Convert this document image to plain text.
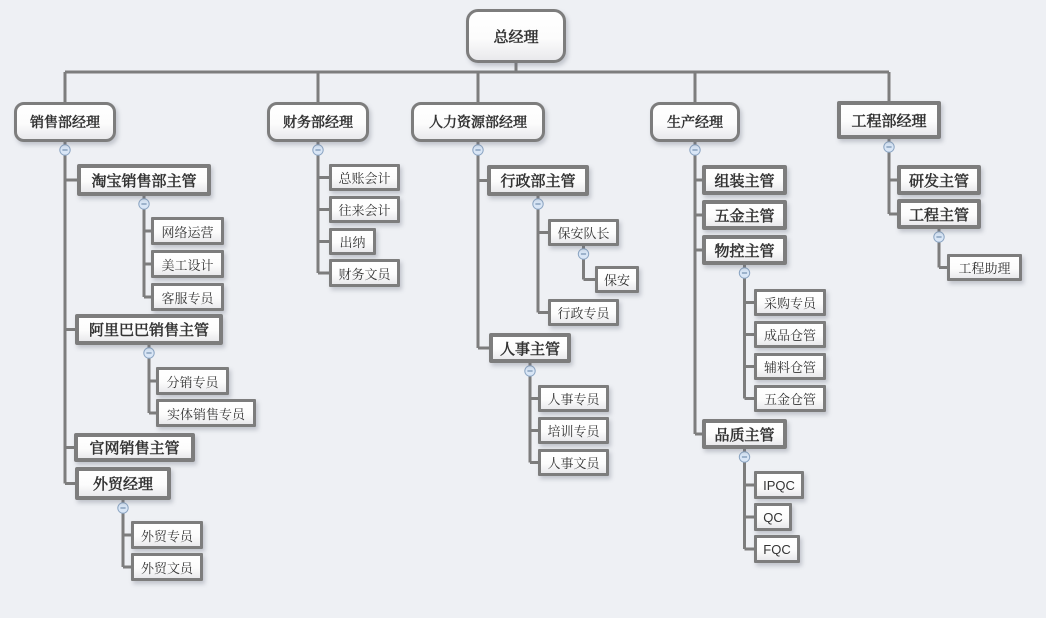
总经理
销售部经理
淘宝销售部主管
网络运营
美工设计
客服专员
阿里巴巴销售主管
分销专员
实体销售专员
官网销售主管
外贸经理
外贸专员
外贸文员
财务部经理
总账会计
往来会计
出纳
财务文员
人力资源部经理
行政部主管
保安队长
保安
行政专员
人事主管
人事专员
培训专员
人事文员
生产经理
组装主管
五金主管
物控主管
采购专员
成品仓管
辅料仓管
五金仓管
品质主管
IPQC
QC
FQC
工程部经理
研发主管
工程主管
工程助理
